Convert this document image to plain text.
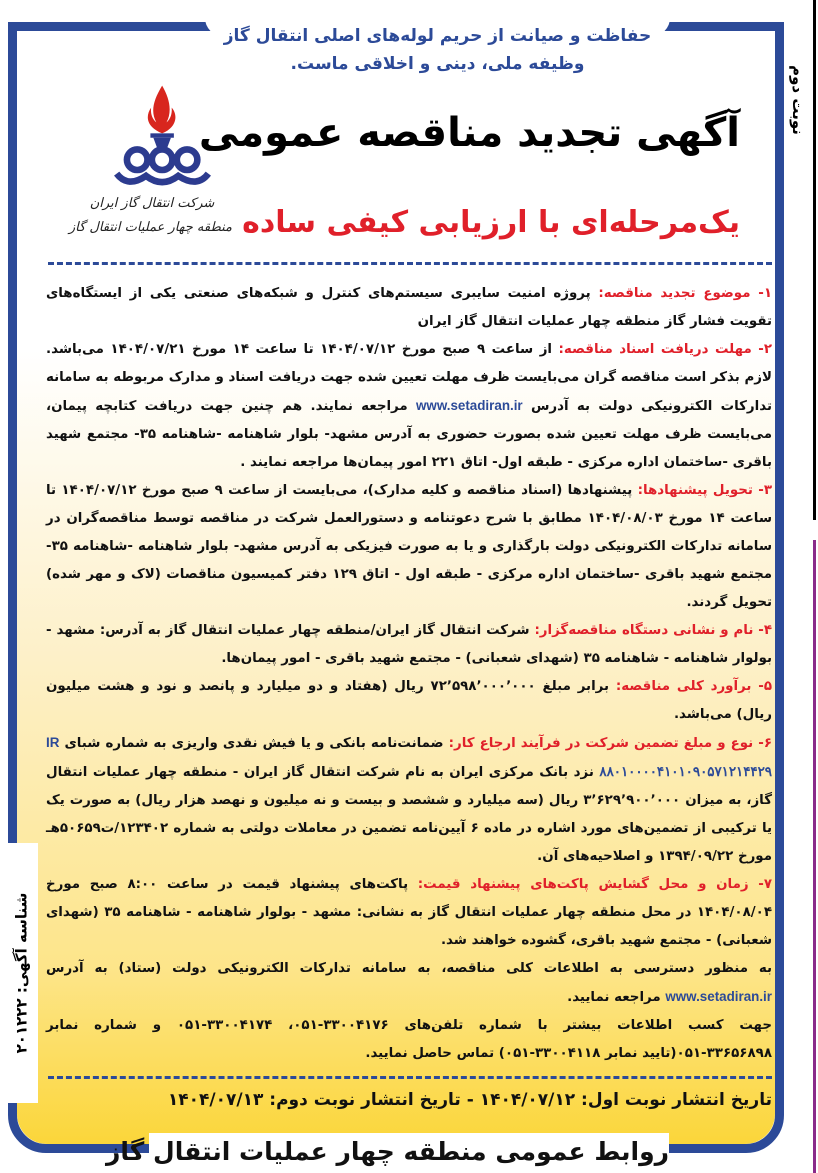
حفاظت و صیانت از حریم لوله‌های اصلی انتقال گاز
وظیفه ملی، دینی و اخلاقی ماست.
شرکت انتقال گاز ایران
منطقه چهار عملیات انتقال گاز
آگهی تجدید مناقصه عمومی
یک‌مرحله‌ای با ارزیابی کیفی ساده

۱- موضوع تجدید مناقصه: پروژه امنیت سایبری سیستم‌های کنترل و شبکه‌های صنعتی یکی از ایستگاه‌های تقویت فشار گاز منطقه چهار عملیات انتقال گاز ایران

۲- مهلت دریافت اسناد مناقصه: از ساعت ۹ صبح مورخ ۱۴۰۴/۰۷/۱۲ تا ساعت ۱۴ مورخ ۱۴۰۴/۰۷/۲۱ می‌باشد. لازم بذکر است مناقصه گران می‌بایست ظرف مهلت تعیین شده جهت دریافت اسناد و مدارک مربوطه به سامانه تدارکات الکترونیکی دولت به آدرس www.setadiran.ir مراجعه نمایند. هم چنین جهت دریافت کتابچه پیمان، می‌بایست ظرف مهلت تعیین شده بصورت حضوری به آدرس مشهد- بلوار شاهنامه -شاهنامه ۳۵- مجتمع شهید باقری -ساختمان اداره مرکزی - طبقه اول- اتاق ۲۲۱ امور پیمان‌ها مراجعه نمایند .

۳- تحویل پیشنهادها: پیشنهادها (اسناد مناقصه و کلیه مدارک)، می‌بایست از ساعت ۹ صبح مورخ ۱۴۰۴/۰۷/۱۲ تا ساعت ۱۴ مورخ ۱۴۰۴/۰۸/۰۳ مطابق با شرح دعوتنامه و دستورالعمل شرکت در مناقصه توسط مناقصه‌گران در سامانه تدارکات الکترونیکی دولت بارگذاری و یا به صورت فیزیکی به آدرس مشهد- بلوار شاهنامه -شاهنامه ۳۵- مجتمع شهید باقری -ساختمان اداره مرکزی - طبقه اول - اتاق ۱۲۹ دفتر کمیسیون مناقصات (لاک و مهر شده) تحویل گردند.

۴- نام و نشانی دستگاه مناقصه‌گزار: شرکت انتقال گاز ایران/منطقه چهار عملیات انتقال گاز به آدرس: مشهد - بولوار شاهنامه - شاهنامه ۳۵ (شهدای شعبانی) - مجتمع شهید باقری - امور پیمان‌ها.

۵- برآورد کلی مناقصه: برابر مبلغ ۷۲٬۵۹۸٬۰۰۰٬۰۰۰ ریال (هفتاد و دو میلیارد و پانصد و نود و هشت میلیون ریال) می‌باشد.

۶- نوع و مبلغ تضمین شرکت در فرآیند ارجاع کار: ضمانت‌نامه بانکی و یا فیش نقدی واریزی به شماره شبای IR ۸۸۰۱۰۰۰۰۴۱۰۱۰۹۰۵۷۱۲۱۴۴۲۹ نزد بانک مرکزی ایران به نام شرکت انتقال گاز ایران - منطقه چهار عملیات انتقال گاز، به میزان ۳٬۶۲۹٬۹۰۰٬۰۰۰ ریال (سه میلیارد و ششصد و بیست و نه میلیون و نهصد هزار ریال) به صورت یک یا ترکیبی از تضمین‌های مورد اشاره در ماده ۶ آیین‌نامه تضمین در معاملات دولتی به شماره ۱۲۳۴۰۲/ت۵۰۶۵۹هـ مورخ ۱۳۹۴/۰۹/۲۲ و اصلاحیه‌های آن.

۷- زمان و محل گشایش پاکت‌های پیشنهاد قیمت: پاکت‌های پیشنهاد قیمت در ساعت ۸:۰۰ صبح مورخ ۱۴۰۴/۰۸/۰۴ در محل منطقه چهار عملیات انتقال گاز به نشانی: مشهد - بولوار شاهنامه - شاهنامه ۳۵ (شهدای شعبانی) - مجتمع شهید باقری، گشوده خواهند شد.

به منظور دسترسی به اطلاعات کلی مناقصه، به سامانه تدارکات الکترونیکی دولت (ستاد) به آدرس www.setadiran.ir مراجعه نمایید.

جهت کسب اطلاعات بیشتر با شماره تلفن‌های ۳۳۰۰۴۱۷۶-۰۵۱، ۳۳۰۰۴۱۷۴-۰۵۱ و شماره نمابر ۳۳۶۵۶۸۹۸-۰۵۱(تایید نمابر ۳۳۰۰۴۱۱۸-۰۵۱) تماس حاصل نمایید.

تاریخ انتشار نوبت اول: ۱۴۰۴/۰۷/۱۲ - تاریخ انتشار نوبت دوم: ۱۴۰۴/۰۷/۱۳
روابط عمومی منطقه چهار عملیات انتقال گاز
شناسه آگهی: ۲۰۱۲۲۲
نوبت دوم
